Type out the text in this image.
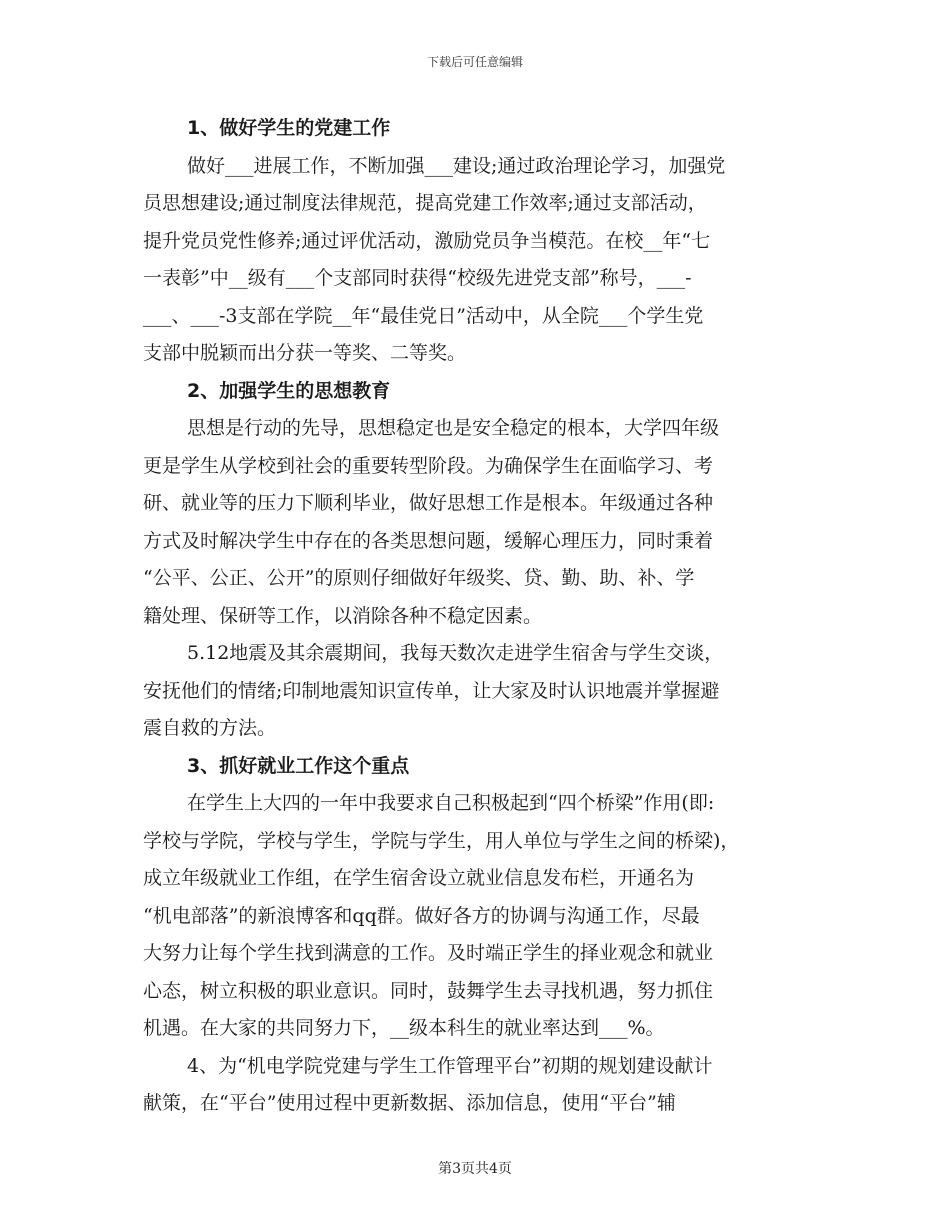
下载后可任意编辑
1、做好学生的党建工作
做好___进展工作，不断加强___建设;通过政治理论学习，加强党
员思想建设;通过制度法律规范，提高党建工作效率;通过支部活动，
提升党员党性修养;通过评优活动，激励党员争当模范。在校__年“七
一表彰”中__级有___个支部同时获得“校级先进党支部”称号，___-
___、___-3支部在学院__年“最佳党日”活动中，从全院___个学生党
支部中脱颖而出分获一等奖、二等奖。
2、加强学生的思想教育
思想是行动的先导，思想稳定也是安全稳定的根本，大学四年级
更是学生从学校到社会的重要转型阶段。为确保学生在面临学习、考
研、就业等的压力下顺利毕业，做好思想工作是根本。年级通过各种
方式及时解决学生中存在的各类思想问题，缓解心理压力，同时秉着
“公平、公正、公开”的原则仔细做好年级奖、贷、勤、助、补、学
籍处理、保研等工作，以消除各种不稳定因素。
5.12地震及其余震期间，我每天数次走进学生宿舍与学生交谈，
安抚他们的情绪;印制地震知识宣传单，让大家及时认识地震并掌握避
震自救的方法。
3、抓好就业工作这个重点
在学生上大四的一年中我要求自己积极起到“四个桥梁”作用(即:
学校与学院，学校与学生，学院与学生，用人单位与学生之间的桥梁)，
成立年级就业工作组，在学生宿舍设立就业信息发布栏，开通名为
“机电部落”的新浪博客和qq群。做好各方的协调与沟通工作，尽最
大努力让每个学生找到满意的工作。及时端正学生的择业观念和就业
心态，树立积极的职业意识。同时，鼓舞学生去寻找机遇，努力抓住
机遇。在大家的共同努力下，__级本科生的就业率达到___%。
4、为“机电学院党建与学生工作管理平台”初期的规划建设献计
献策，在“平台”使用过程中更新数据、添加信息，使用“平台”辅
第3页共4页
